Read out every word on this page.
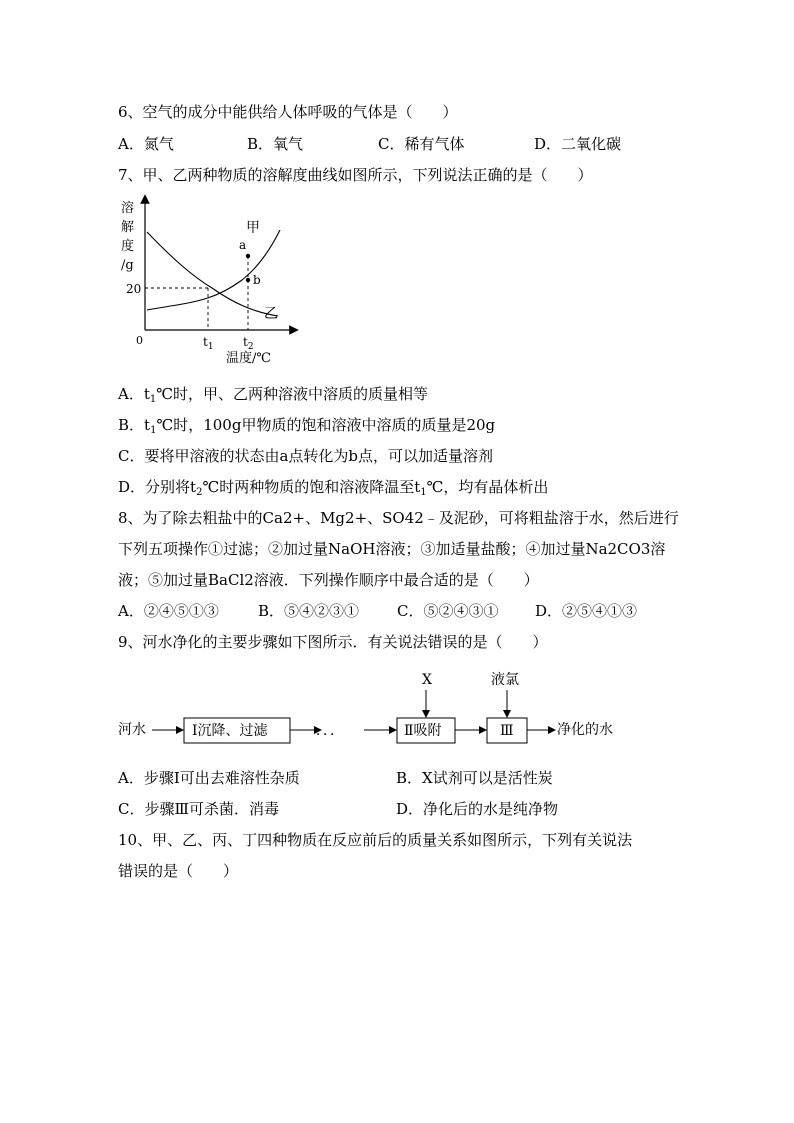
6、空气的成分中能供给人体呼吸的气体是（　　）
A．氮气	B．氧气	C．稀有气体	D．二氧化碳
7、甲、乙两种物质的溶解度曲线如图所示，下列说法正确的是（　　）
溶
解
度
/g
a
b
甲
乙
20
0	$t_1$ $t_2$
温度/℃
A．$t_1℃$时，甲、乙两种溶液中溶质的质量相等
B．$t_1℃$时，100g甲物质的饱和溶液中溶质的质量是20g
C．要将甲溶液的状态由a点转化为b点，可以加适量溶剂
D．分别将$t_2℃$时两种物质的饱和溶液降温至$t_1℃$，均有晶体析出
8、为了除去粗盐中的Ca2+、Mg2+、SO42﹣及泥砂，可将粗盐溶于水，然后进行
下列五项操作①过滤；②加过量NaOH溶液；③加适量盐酸；④加过量Na2CO3溶
液；⑤加过量BaCl2溶液．下列操作顺序中最合适的是（　　）
A．②④⑤①③	B．⑤④②③①	C．⑤②④③① D．②⑤④①③
9、河水净化的主要步骤如下图所示．有关说法错误的是（　　）
河水	Ⅰ沉降、过滤	．．．	Ⅱ吸附
X
Ⅲ
液氯
净化的水
A．步骤Ⅰ可出去难溶性杂质	B．X试剂可以是活性炭
C．步骤Ⅲ可杀菌．消毒	D．净化后的水是纯净物
10、甲、乙、丙、丁四种物质在反应前后的质量关系如图所示，下列有关说法
错误的是（　　）
